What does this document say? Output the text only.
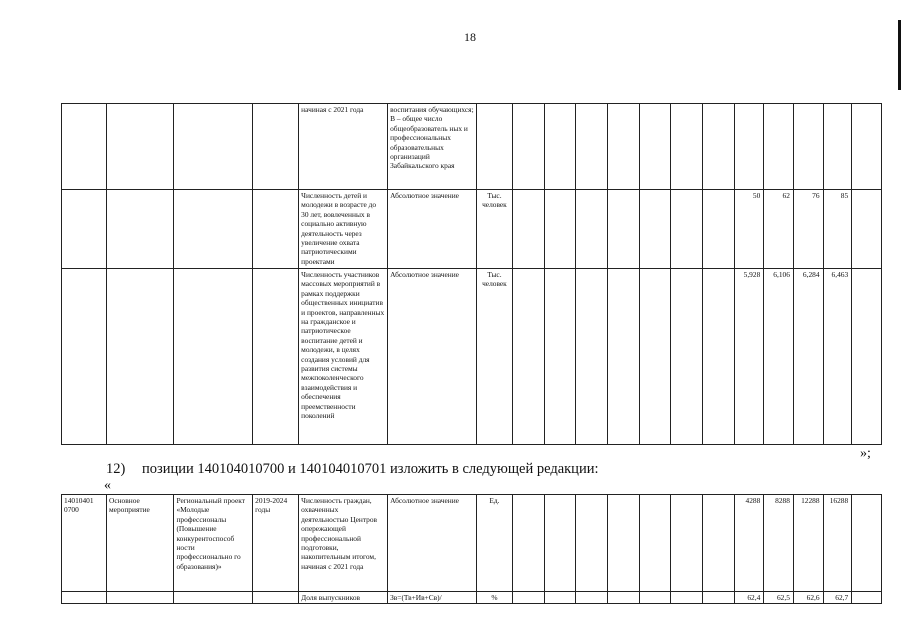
18
				начиная с 2021 года	воспитания обучающихся; В – общее число общеобразователь ных и профессиональных образовательных организаций Забайкальского края													
				Численность детей и молодежи в возрасте до 30 лет, вовлеченных в социально активную деятельность через увеличение охвата патриотическими проектами	Абсолютное значение	Тыс. человек								50	62	76	85	
				Численность участников массовых мероприятий в рамках поддержки общественных инициатив и проектов, направленных на гражданское и патриотическое воспитание детей и молодежи, в целях создания условий для развития системы межпоколенческого взаимодействия и обеспечения преемственности поколений	Абсолютное значение	Тыс. человек								5,928	6,106	6,284	6,463	
»;
12) позиции 140104010700 и 140104010701 изложить в следующей редакции:
«
14010401 0700	Основное мероприятие	Региональный проект «Молодые профессионалы (Повышение конкурентоспособ ности профессионально го образования)»	2019-2024 годы	Численность граждан, охваченных деятельностью Центров опережающей профессиональной подготовки, накопительным итогом, начиная с 2021 года	Абсолютное значение	Ед.								4288	8288	12288	16288	
				Доля выпускников	Зв=(Тв+Ив+Св)/	%								62,4	62,5	62,6	62,7	
